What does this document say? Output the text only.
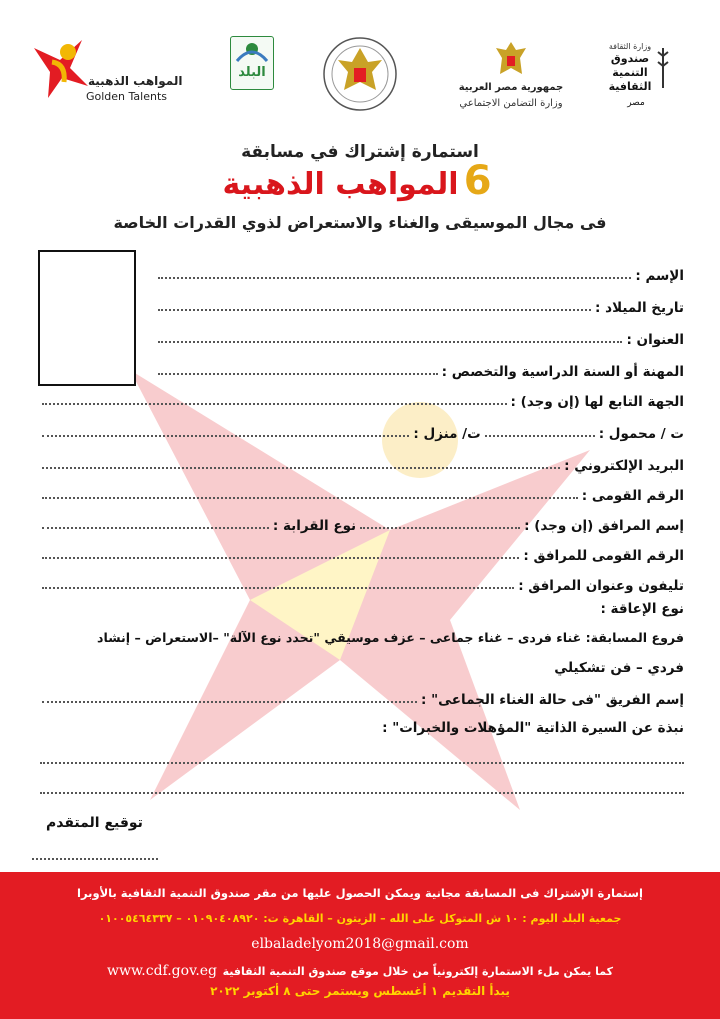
المواهب الذهبية
Golden Talents
البلد
جمهورية مصر العربية
وزارة التضامن الاجتماعي
وزارة الثقافة
صندوق
التنمية
الثقافية
مصر
استمارة إشتراك في مسابقة
6 المواهب الذهبية
فى مجال الموسيقى والغناء والاستعراض لذوي القدرات الخاصة
الإسم :
تاريخ الميلاد :
العنوان :
المهنة أو السنة الدراسية والتخصص :
الجهة التابع لها (إن وجد) :
ت / محمول :
ت/ منزل :
البريد الإلكتروني :
الرقم القومى :
إسم المرافق (إن وجد) :
نوع القرابة :
الرقم القومى للمرافق :
تليفون وعنوان المرافق :
نوع الإعاقة :
فروع المسابقة: غناء فردى – غناء جماعى – عزف موسيقي "تحدد نوع الآلة" –الاستعراض – إنشاد
فردي – فن تشكيلي
إسم الفريق "فى حالة الغناء الجماعى" :
نبذة عن السيرة الذاتية "المؤهلات والخبرات" :
توقيع المتقدم
إستمارة الإشتراك فى المسابقة مجانية ويمكن الحصول عليها من مقر صندوق التنمية الثقافية بالأوبرا
جمعية البلد اليوم : ١٠ ش المتوكل على الله – الزيتون – القاهرة ت: ٠١٠٩٠٤٠٨٩٢٠ – ٠١٠٠٥٤٦٤٣٣٧
elbaladelyom2018@gmail.com
www.cdf.gov.eg كما يمكن ملء الاستمارة إلكترونياً من خلال موقع صندوق التنمية الثقافية
يبدأ التقديم ١ أغسطس ويستمر حتى ٨ أكتوبر ٢٠٢٢
